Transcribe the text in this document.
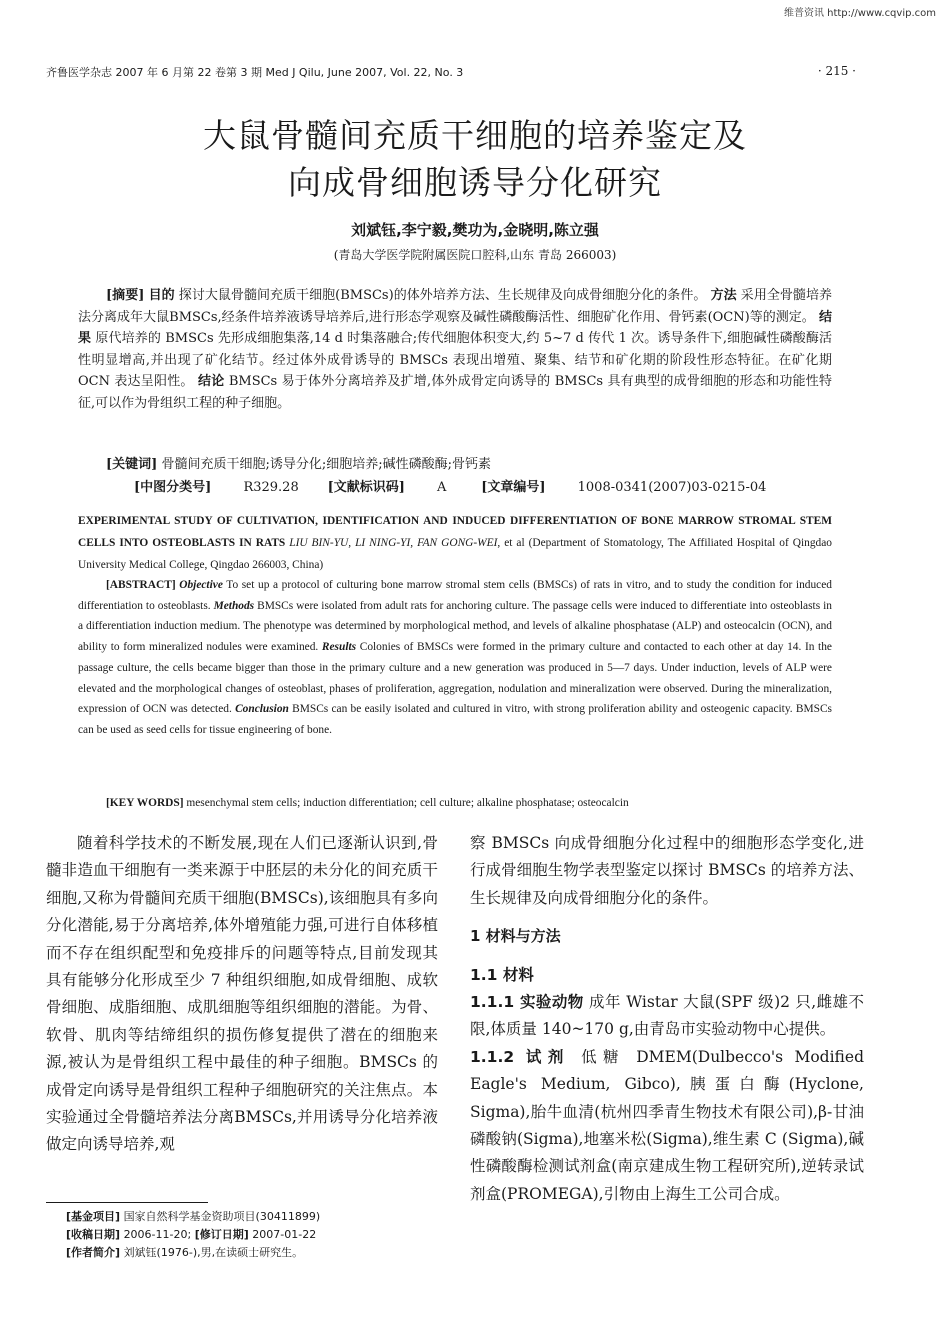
维普资讯 http://www.cqvip.com
齐鲁医学杂志 2007 年 6 月第 22 卷第 3 期 Med J Qilu, June 2007, Vol. 22, No. 3	· 215 ·
大鼠骨髓间充质干细胞的培养鉴定及
向成骨细胞诱导分化研究
刘斌钰,李宁毅,樊功为,金晓明,陈立强
(青岛大学医学院附属医院口腔科,山东 青岛 266003)

[摘要] 目的 探讨大鼠骨髓间充质干细胞(BMSCs)的体外培养方法、生长规律及向成骨细胞分化的条件。 方法 采用全骨髓培养法分离成年大鼠BMSCs,经条件培养液诱导培养后,进行形态学观察及碱性磷酸酶活性、细胞矿化作用、骨钙素(OCN)等的测定。 结果 原代培养的 BMSCs 先形成细胞集落,14 d 时集落融合;传代细胞体积变大,约 5~7 d 传代 1 次。诱导条件下,细胞碱性磷酸酶活性明显增高,并出现了矿化结节。经过体外成骨诱导的 BMSCs 表现出增殖、聚集、结节和矿化期的阶段性形态特征。在矿化期 OCN 表达呈阳性。 结论 BMSCs 易于体外分离培养及扩增,体外成骨定向诱导的 BMSCs 具有典型的成骨细胞的形态和功能性特征,可以作为骨组织工程的种子细胞。

[关键词] 骨髓间充质干细胞;诱导分化;细胞培养;碱性磷酸酶;骨钙素
[中图分类号] R329.28 [文献标识码] A	[文章编号] 1008-0341(2007)03-0215-04
EXPERIMENTAL STUDY OF CULTIVATION, IDENTIFICATION AND INDUCED DIFFERENTIATION OF BONE MARROW STROMAL STEM CELLS INTO OSTEOBLASTS IN RATS LIU BIN-YU, LI NING-YI, FAN GONG-WEI, et al (Department of Stomatology, The Affiliated Hospital of Qingdao University Medical College, Qingdao 266003, China)

[ABSTRACT] Objective To set up a protocol of culturing bone marrow stromal stem cells (BMSCs) of rats in vitro, and to study the condition for induced differentiation to osteoblasts. Methods BMSCs were isolated from adult rats for anchoring culture. The passage cells were induced to differentiate into osteoblasts in a differentiation induction medium. The phenotype was determined by morphological method, and levels of alkaline phosphatase (ALP) and osteocalcin (OCN), and ability to form mineralized nodules were examined. Results Colonies of BMSCs were formed in the primary culture and contacted to each other at day 14. In the passage culture, the cells became bigger than those in the primary culture and a new generation was produced in 5—7 days. Under induction, levels of ALP were elevated and the morphological changes of osteoblast, phases of proliferation, aggregation, nodulation and mineralization were observed. During the mineralization, expression of OCN was detected. Conclusion BMSCs can be easily isolated and cultured in vitro, with strong proliferation ability and osteogenic capacity. BMSCs can be used as seed cells for tissue engineering of bone.

[KEY WORDS] mesenchymal stem cells; induction differentiation; cell culture; alkaline phosphatase; osteocalcin

随着科学技术的不断发展,现在人们已逐渐认识到,骨髓非造血干细胞有一类来源于中胚层的未分化的间充质干细胞,又称为骨髓间充质干细胞(BMSCs),该细胞具有多向分化潜能,易于分离培养,体外增殖能力强,可进行自体移植而不存在组织配型和免疫排斥的问题等特点,目前发现其具有能够分化形成至少 7 种组织细胞,如成骨细胞、成软骨细胞、成脂细胞、成肌细胞等组织细胞的潜能。为骨、软骨、肌肉等结缔组织的损伤修复提供了潜在的细胞来源,被认为是骨组织工程中最佳的种子细胞。BMSCs 的成骨定向诱导是骨组织工程种子细胞研究的关注焦点。本实验通过全骨髓培养法分离BMSCs,并用诱导分化培养液做定向诱导培养,观

察 BMSCs 向成骨细胞分化过程中的细胞形态学变化,进行成骨细胞生物学表型鉴定以探讨 BMSCs 的培养方法、生长规律及向成骨细胞分化的条件。

1 材料与方法

1.1 材料

1.1.1 实验动物 成年 Wistar 大鼠(SPF 级)2 只,雌雄不限,体质量 140~170 g,由青岛市实验动物中心提供。

1.1.2 试剂 低糖 DMEM(Dulbecco's Modified Eagle's Medium, Gibco),胰蛋白酶(Hyclone, Sigma),胎牛血清(杭州四季青生物技术有限公司),β-甘油磷酸钠(Sigma),地塞米松(Sigma),维生素 C (Sigma),碱性磷酸酶检测试剂盒(南京建成生物工程研究所),逆转录试剂盒(PROMEGA),引物由上海生工公司合成。

[基金项目] 国家自然科学基金资助项目(30411899)
[收稿日期] 2006-11-20; [修订日期] 2007-01-22
[作者简介] 刘斌钰(1976-),男,在读硕士研究生。
